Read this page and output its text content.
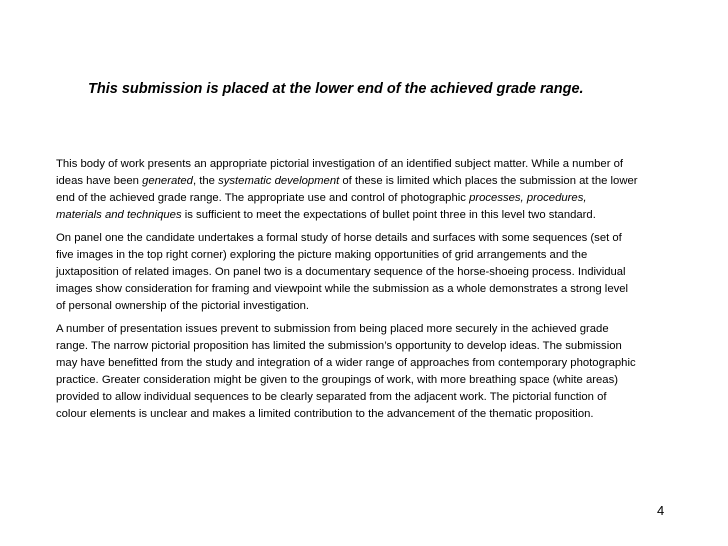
This submission is placed at the lower end of the achieved grade range.

This body of work presents an appropriate pictorial investigation of an identified subject matter. While a number of
ideas have been generated, the systematic development of these is limited which places the submission at the lower
end of the achieved grade range. The appropriate use and control of photographic processes, procedures,
materials and techniques is sufficient to meet the expectations of bullet point three in this level two standard.

On panel one the candidate undertakes a formal study of horse details and surfaces with some sequences (set of
five images in the top right corner) exploring the picture making opportunities of grid arrangements and the
juxtaposition of related images. On panel two is a documentary sequence of the horse-shoeing process. Individual
images show consideration for framing and viewpoint while the submission as a whole demonstrates a strong level
of personal ownership of the pictorial investigation.

A number of presentation issues prevent to submission from being placed more securely in the achieved grade
range. The narrow pictorial proposition has limited the submission’s opportunity to develop ideas. The submission
may have benefitted from the study and integration of a wider range of approaches from contemporary photographic
practice. Greater consideration might be given to the groupings of work, with more breathing space (white areas)
provided to allow individual sequences to be clearly separated from the adjacent work. The pictorial function of
colour elements is unclear and makes a limited contribution to the advancement of the thematic proposition.

4
